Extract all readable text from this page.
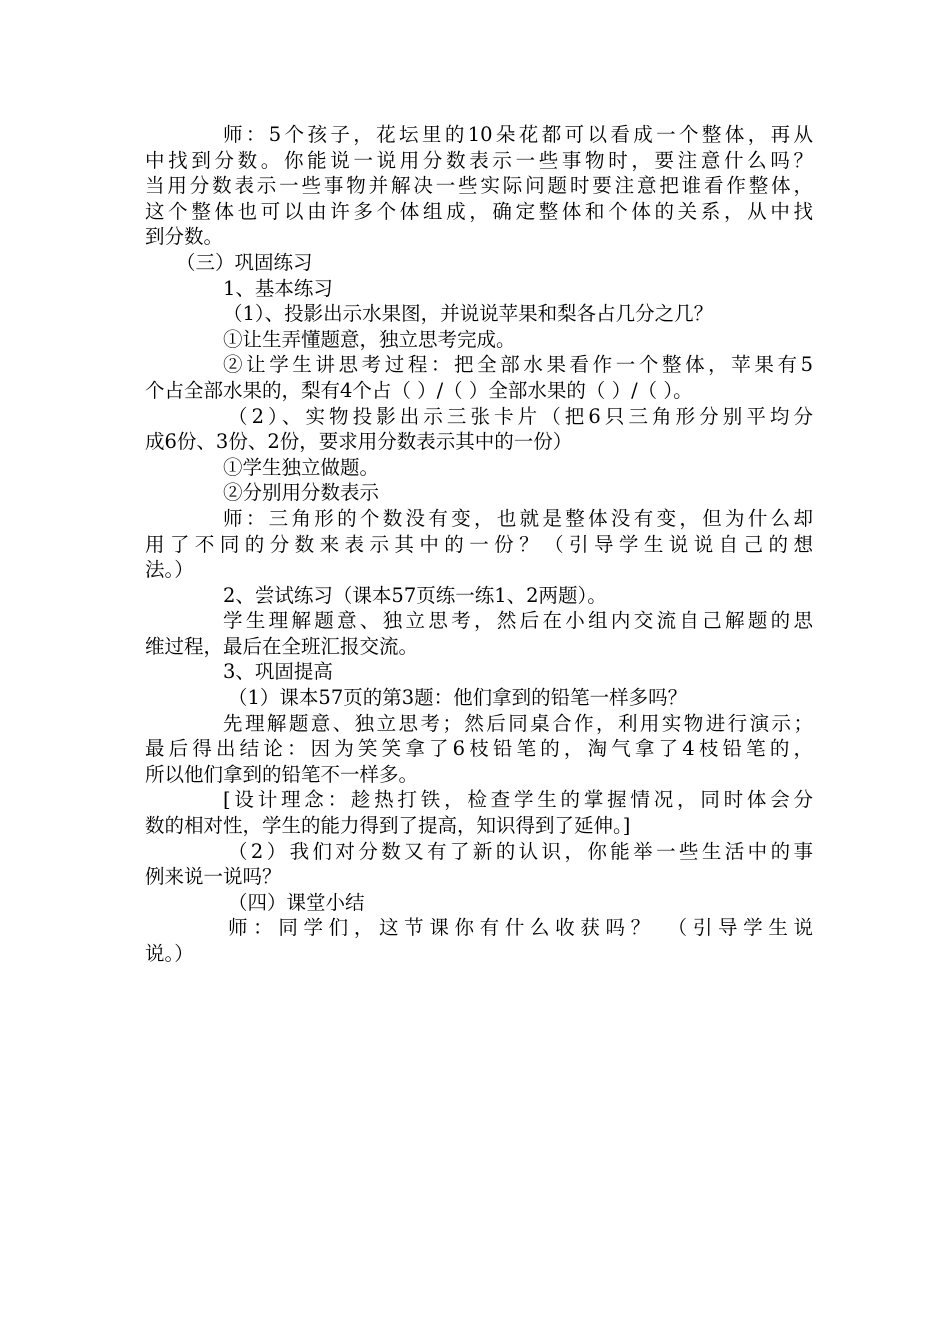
师：5个孩子，花坛里的10朵花都可以看成一个整体，再从
中找到分数。你能说一说用分数表示一些事物时，要注意什么吗？
当用分数表示一些事物并解决一些实际问题时要注意把谁看作整体，
这个整体也可以由许多个体组成，确定整体和个体的关系，从中找
到分数。
（三）巩固练习
1、基本练习
（1）、投影出示水果图，并说说苹果和梨各占几分之几？
①让生弄懂题意，独立思考完成。
②让学生讲思考过程：把全部水果看作一个整体，苹果有5
个占全部水果的，梨有4个占（ ）/（ ）全部水果的（ ）/（ ）。
（2）、实物投影出示三张卡片（把6只三角形分别平均分
成6份、3份、2份，要求用分数表示其中的一份）
①学生独立做题。
②分别用分数表示
师：三角形的个数没有变，也就是整体没有变，但为什么却
用了不同的分数来表示其中的一份？（引导学生说说自己的想
法。）
2、尝试练习（课本57页练一练1、2两题）。
学生理解题意、独立思考，然后在小组内交流自己解题的思
维过程，最后在全班汇报交流。
3、巩固提高
（1）课本57页的第3题：他们拿到的铅笔一样多吗？
先理解题意、独立思考；然后同桌合作，利用实物进行演示；
最后得出结论：因为笑笑拿了6枝铅笔的，淘气拿了4枝铅笔的，
所以他们拿到的铅笔不一样多。
[设计理念：趁热打铁，检查学生的掌握情况，同时体会分
数的相对性，学生的能力得到了提高，知识得到了延伸。]
（2）我们对分数又有了新的认识，你能举一些生活中的事
例来说一说吗？
（四）课堂小结
师：同学们，这节课你有什么收获吗？ （引导学生说
说。）
